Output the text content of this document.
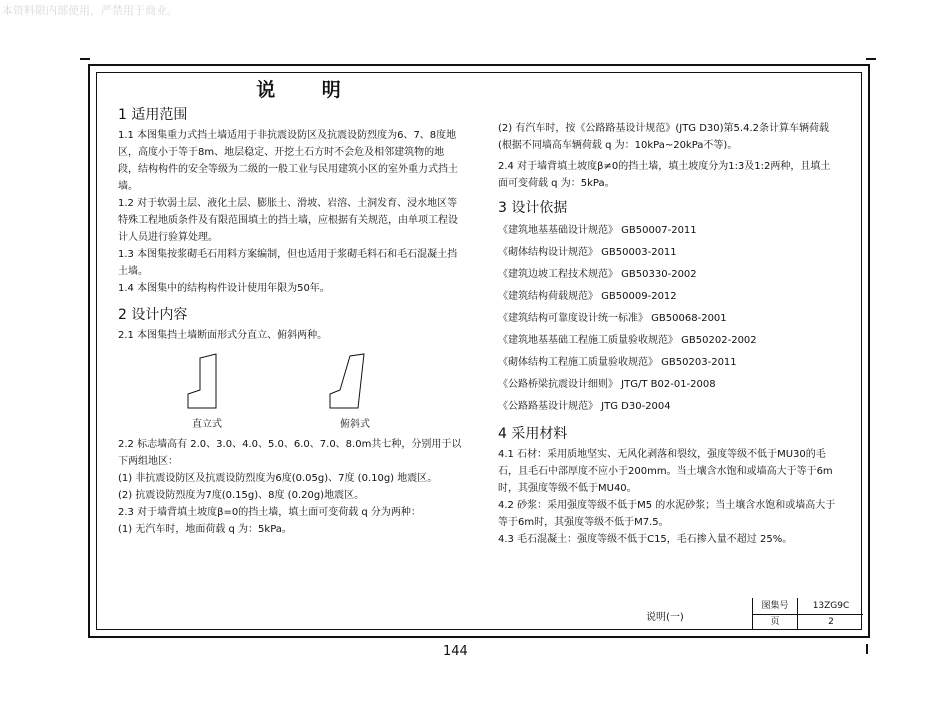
本资料限内部使用，严禁用于商业。
说 明
1 适用范围

1.1 本图集重力式挡土墙适用于非抗震设防区及抗震设防烈度为6、7、8度地区，高度小于等于8m、地层稳定、开挖土石方时不会危及相邻建筑物的地段，结构构件的安全等级为二级的一般工业与民用建筑小区的室外重力式挡土墙。

1.2 对于软弱土层、液化土层、膨胀土、滑坡、岩溶、土洞发育、浸水地区等特殊工程地质条件及有限范围填土的挡土墙，应根据有关规范，由单项工程设计人员进行验算处理。

1.3 本图集按浆砌毛石用料方案编制，但也适用于浆砌毛料石和毛石混凝土挡土墙。

1.4 本图集中的结构构件设计使用年限为50年。

2 设计内容

2.1 本图集挡土墙断面形式分直立、俯斜两种。

直立式	俯斜式

2.2 标志墙高有 2.0、3.0、4.0、5.0、6.0、7.0、8.0m共七种，分别用于以下两组地区：

(1) 非抗震设防区及抗震设防烈度为6度(0.05g)、7度 (0.10g) 地震区。

(2) 抗震设防烈度为7度(0.15g)、8度 (0.20g)地震区。

2.3 对于墙背填土坡度β=0的挡土墙，填土面可变荷载 q 分为两种：

(1) 无汽车时，地面荷载 q 为：5kPa。

(2) 有汽车时，按《公路路基设计规范》(JTG D30)第5.4.2条计算车辆荷载(根据不同墙高车辆荷载 q 为：10kPa~20kPa不等)。

2.4 对于墙背填土坡度β≠0的挡土墙，填土坡度分为1:3及1:2两种，且填土面可变荷载 q 为：5kPa。

3 设计依据

《建筑地基基础设计规范》 GB50007-2011

《砌体结构设计规范》 GB50003-2011

《建筑边坡工程技术规范》 GB50330-2002

《建筑结构荷载规范》 GB50009-2012

《建筑结构可靠度设计统一标准》 GB50068-2001

《建筑地基基础工程施工质量验收规范》 GB50202-2002

《砌体结构工程施工质量验收规范》 GB50203-2011

《公路桥梁抗震设计细则》 JTG/T B02-01-2008

《公路路基设计规范》 JTG D30-2004

4 采用材料

4.1 石材：采用质地坚实、无风化剥落和裂纹，强度等级不低于MU30的毛石，且毛石中部厚度不应小于200mm。当土壤含水饱和或墙高大于等于6m时，其强度等级不低于MU40。

4.2 砂浆：采用强度等级不低于M5 的水泥砂浆；当土壤含水饱和或墙高大于等于6m时，其强度等级不低于M7.5。

4.3 毛石混凝土：强度等级不低于C15，毛石掺入量不超过 25%。

说明(一)
图集号	13ZG9C
页	2
144
